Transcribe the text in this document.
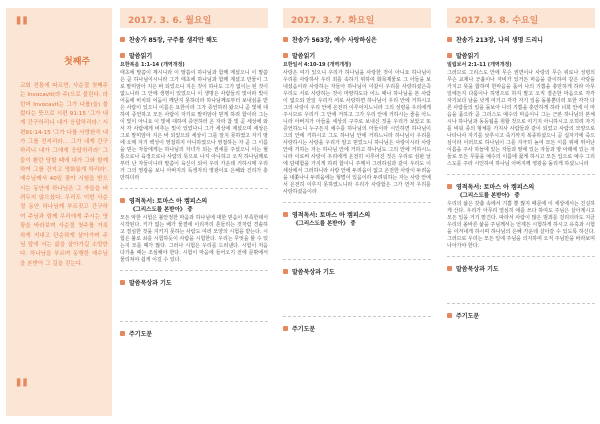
"
첫째주
교회 전통에 따르면, 사순절 첫째주는 Invocavit(라 주(으로 불린다. 라틴어 Invocavit는 그가 나를(을) 불렀다는 뜻으로 시편 91:15 '그가 내게 간구하리니 내가 응답하리라.' 시편91:14-15 '그가 나를 사랑한즉 내가 그를 건지리라… 그가 내게 간구하리니 내가 그에게 응답하리라' 그들이 환란 당할 때에 내가 그와 함께 하여 그를 건지고 영화롭게 하리라'. 예수님께서 40일 광야 시험을 받으시는 동안에 하나님은 그 자들을 버려두지 않으셨다. 우리도 이번 사순절 동안 하나님께 부르짖고 간구하여 주님과 함께 우리에게 주시는 영광을 바라보며 사순절 첫주를 거룩하게 지내고 단순하게 살아가며 주님 앞에 서는 삶을 살아가길 소망한다. 하나님을 부르며 동행한 예수님을 본받아 그 길을 걷는다.
"
2017. 3. 6. 월요일
찬송가 85장, 구주를 생각만 해도
말씀읽기
요한복음 1:1-14 (개역개정)
태초에 말씀이 계시니라 이 말씀이 하나님과 함께 계셨으니 이 말씀은 곧 하나님이시니라 그가 태초에 하나님과 함께 계셨고 만물이 그로 말미암아 지은 바 되었으니 지은 것이 하나도 그가 없이는 된 것이 없느니라 그 안에 생명이 있었으니 이 생명은 사람들의 빛이라 빛이 어둠에 비치되 어둠이 깨닫지 못하더라 하나님께로부터 보내심을 받은 사람이 있으니 이름은 요한이라 그가 증언하러 왔으니 곧 빛에 대하여 증언하고 모든 사람이 자기로 말미암아 믿게 하려 함이라 그는 이 빛이 아니요 이 빛에 대하여 증언하러 온 자라 참 빛 곧 세상에 와서 각 사람에게 비추는 빛이 있었나니 그가 세상에 계셨으며 세상은 그로 말미암아 지은 바 되었으되 세상이 그를 알지 못하였고 자기 땅에 오매 자기 백성이 영접하지 아니하였으나 영접하는 자 곧 그 이름을 믿는 자들에게는 하나님의 자녀가 되는 권세를 주셨으니 이는 혈통으로나 육정으로나 사람의 뜻으로 나지 아니하고 오직 하나님께로부터 난 자들이니라 말씀이 육신이 되어 우리 가운데 거하시매 우리가 그의 영광을 보니 아버지의 독생자의 영광이요 은혜와 진리가 충만하더라
영적독서: 토마스 아 켐피스의
《그리스도를 본받아》 중
모든 악한 시험은 불안정한 마음과 하나님에 대한 믿음이 부족한데서 시작된다. 키가 없는 배가 물결에 이리저리 흔들리는 것처럼 경솔하고 결심한 것을 지키지 못하는 사람도 여러 모양의 시험을 받는다. 시험은 불로 쇠를 시험하듯이 사람을 시험한다. 우리는 무엇을 할 수 있는지 모를 때가 많다. 그러나 시험은 우리를 드러낸다. 시험이 처음 다가올 때는 조심해야 한다. 시험이 마음에 들어오기 전에 문밖에서 물리쳐야 쉽게 이길 수 있다.
말씀묵상과 기도
주기도문
2017. 3. 7. 화요일
찬송가 563장, 예수 사랑하심은
말씀읽기
요한일서 4:10-19 (개역개정)
사랑은 여기 있으니 우리가 하나님을 사랑한 것이 아니요 하나님이 우리를 사랑하사 우리 죄를 속하기 위하여 화목제물로 그 아들을 보내셨음이라 사랑하는 자들아 하나님이 이같이 우리를 사랑하셨은즉 우리도 서로 사랑하는 것이 마땅하도다 어느 때나 하나님을 본 사람이 없으되 만일 우리가 서로 사랑하면 하나님이 우리 안에 거하시고 그의 사랑이 우리 안에 온전히 이루어지느니라 그의 성령을 우리에게 주시므로 우리가 그 안에 거하고 그가 우리 안에 거하시는 줄을 아느니라 아버지가 아들을 세상의 구주로 보내신 것을 우리가 보았고 또 증언하노니 누구든지 예수를 하나님의 아들이라 시인하면 하나님이 그의 안에 거하시고 그도 하나님 안에 거하느니라 하나님이 우리를 사랑하시는 사랑을 우리가 알고 믿었노니 하나님은 사랑이시라 사랑 안에 거하는 자는 하나님 안에 거하고 하나님도 그의 안에 거하시느니라 이로써 사랑이 우리에게 온전히 이루어진 것은 우리로 심판 날에 담대함을 가지게 하려 함이니 주께서 그러하심과 같이 우리도 이 세상에서 그러하니라 사랑 안에 두려움이 없고 온전한 사랑이 두려움을 내쫓나니 두려움에는 형벌이 있음이라 두려워하는 자는 사랑 안에서 온전히 이루지 못하였느니라 우리가 사랑함은 그가 먼저 우리를 사랑하셨음이라
영적독서: 토마스 아 켐피스의
《그리스도를 본받아》 중
말씀묵상과 기도
주기도문
2017. 3. 8. 수요일
찬송가 213장, 나의 생명 드리니
말씀읽기
빌립보서 2:1-11 (개역개정)
그러므로 그리스도 안에 무슨 권면이나 사랑의 무슨 위로나 성령의 무슨 교제나 긍휼이나 자비가 있거든 마음을 같이하여 같은 사랑을 가지고 뜻을 합하며 한마음을 품어 나의 기쁨을 충만하게 하라 아무 일에든지 다툼이나 허영으로 하지 말고 오직 겸손한 마음으로 각각 자기보다 남을 낫게 여기고 각각 자기 일을 돌볼뿐더러 또한 각각 다른 사람들의 일을 돌보아 나의 기쁨을 충만하게 하라 너희 안에 이 마음을 품으라 곧 그리스도 예수의 마음이니 그는 근본 하나님의 본체시나 하나님과 동등됨을 취할 것으로 여기지 아니하시고 오히려 자기를 비워 종의 형체를 가지사 사람들과 같이 되었고 사람의 모양으로 나타나사 자기를 낮추시고 죽기까지 복종하셨으니 곧 십자가에 죽으심이라 이러므로 하나님이 그를 지극히 높여 모든 이름 위에 뛰어난 이름을 주사 하늘에 있는 자들과 땅에 있는 자들과 땅 아래에 있는 자들로 모든 무릎을 예수의 이름에 꿇게 하시고 모든 입으로 예수 그리스도를 주라 시인하여 하나님 아버지께 영광을 돌리게 하셨느니라
영적독서: 토마스 아 켐피스의
《그리스도를 본받아》 중
우리의 삶은 갖춤 속에서 기쁨 뿐 많지 때문에 이 세상에서는 진실하게 산다. 우리가 아무리 열심히 애를 쓰다 하여도 주님은 살아계시고 모든 일을 거기 맡긴다. 따라서 사람이 많은 범죄를 걸리더라도 지금 우리의 올바른 삶을 주님께서는 언제든 시험하게 하시고 유혹과 시험을 이겨내게 하시며 하나님의 은혜 가운데 살아갈 수 있도록 하신다. 그러므로 우리는 모든 일에 주님을 의지하며 오직 주님만을 바라보며 나아가야 한다.
말씀묵상과 기도
주기도문
